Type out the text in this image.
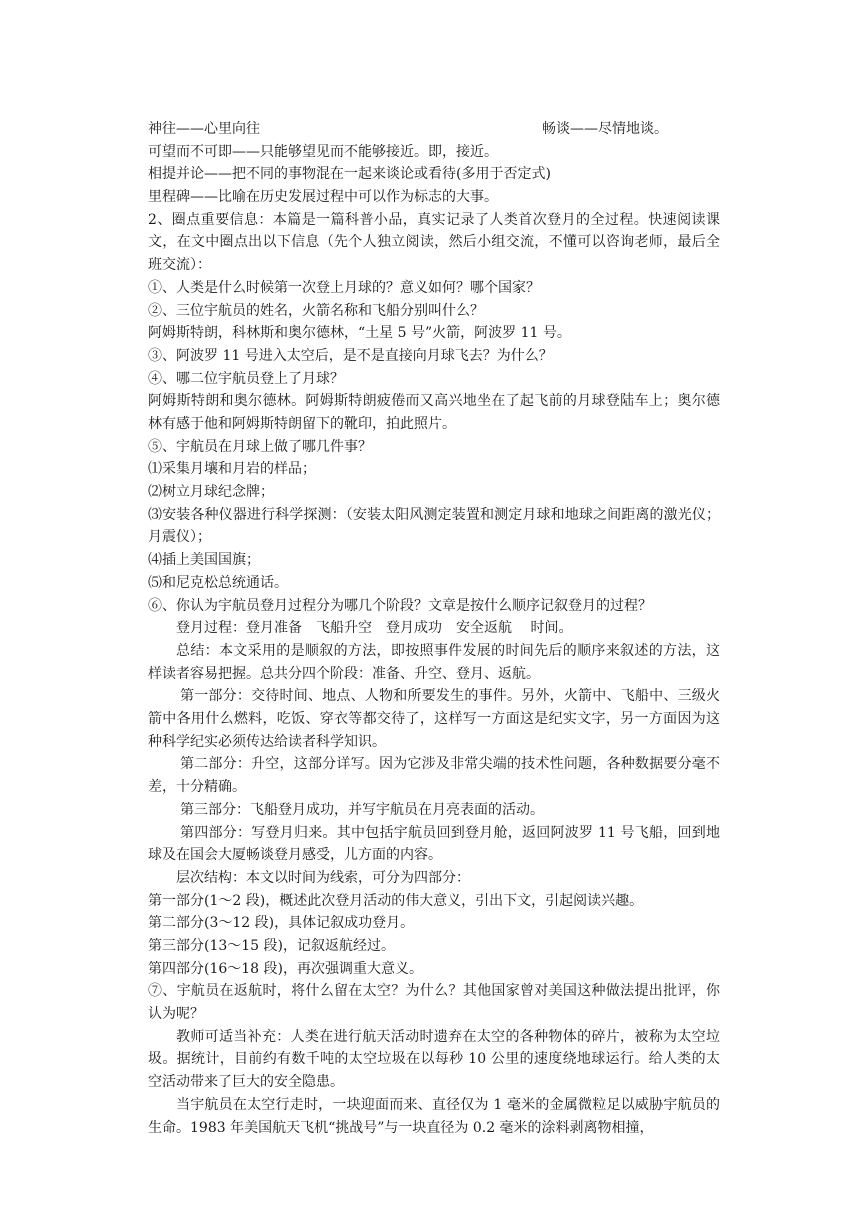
神往——心里向往	畅谈——尽情地谈。
可望而不可即——只能够望见而不能够接近。即，接近。
相提并论——把不同的事物混在一起来谈论或看待(多用于否定式)
里程碑——比喻在历史发展过程中可以作为标志的大事。
2、圈点重要信息：本篇是一篇科普小品，真实记录了人类首次登月的全过程。快速阅读课文，在文中圈点出以下信息（先个人独立阅读，然后小组交流，不懂可以咨询老师，最后全班交流）：
①、人类是什么时候第一次登上月球的？意义如何？哪个国家？
②、三位宇航员的姓名，火箭名称和飞船分别叫什么？
阿姆斯特朗，科林斯和奥尔德林，“土星 5 号”火箭，阿波罗 11 号。
③、阿波罗 11 号进入太空后，是不是直接向月球飞去？为什么？
④、哪二位宇航员登上了月球？
阿姆斯特朗和奥尔德林。阿姆斯特朗疲倦而又高兴地坐在了起飞前的月球登陆车上；奥尔德林有感于他和阿姆斯特朗留下的靴印，拍此照片。
⑤、宇航员在月球上做了哪几件事？
⑴采集月壤和月岩的样品；
⑵树立月球纪念牌；
⑶安装各种仪器进行科学探测：（安装太阳风测定装置和测定月球和地球之间距离的激光仪；月震仪）；
⑷插上美国国旗；
⑸和尼克松总统通话。
⑥、你认为宇航员登月过程分为哪几个阶段？文章是按什么顺序记叙登月的过程？
登月过程：登月准备　飞船升空　登月成功　安全返航　 时间。
总结：本文采用的是顺叙的方法，即按照事件发展的时间先后的顺序来叙述的方法，这样读者容易把握。总共分四个阶段：准备、升空、登月、返航。
第一部分：交待时间、地点、人物和所要发生的事件。另外，火箭中、飞船中、三级火箭中各用什么燃料，吃饭、穿衣等都交待了，这样写一方面这是纪实文字，另一方面因为这种科学纪实必须传达给读者科学知识。
第二部分：升空，这部分详写。因为它涉及非常尖端的技术性问题，各种数据要分毫不差，十分精确。
第三部分：飞船登月成功，并写宇航员在月亮表面的活动。
第四部分：写登月归来。其中包括宇航员回到登月舱，返回阿波罗 11 号飞船，回到地球及在国会大厦畅谈登月感受，儿方面的内容。
层次结构：本文以时间为线索，可分为四部分：
第一部分(1～2 段)，概述此次登月活动的伟大意义，引出下文，引起阅读兴趣。
第二部分(3～12 段)，具体记叙成功登月。
第三部分(13～15 段)，记叙返航经过。
第四部分(16～18 段)，再次强调重大意义。
⑦、宇航员在返航时，将什么留在太空？为什么？其他国家曾对美国这种做法提出批评，你认为呢？
教师可适当补充：人类在进行航天活动时遗弃在太空的各种物体的碎片，被称为太空垃圾。据统计，目前约有数千吨的太空垃圾在以每秒 10 公里的速度绕地球运行。给人类的太空活动带来了巨大的安全隐患。
当宇航员在太空行走时，一块迎面而来、直径仅为 1 毫米的金属微粒足以威胁宇航员的生命。1983 年美国航天飞机“挑战号”与一块直径为 0.2 毫米的涂料剥离物相撞，
